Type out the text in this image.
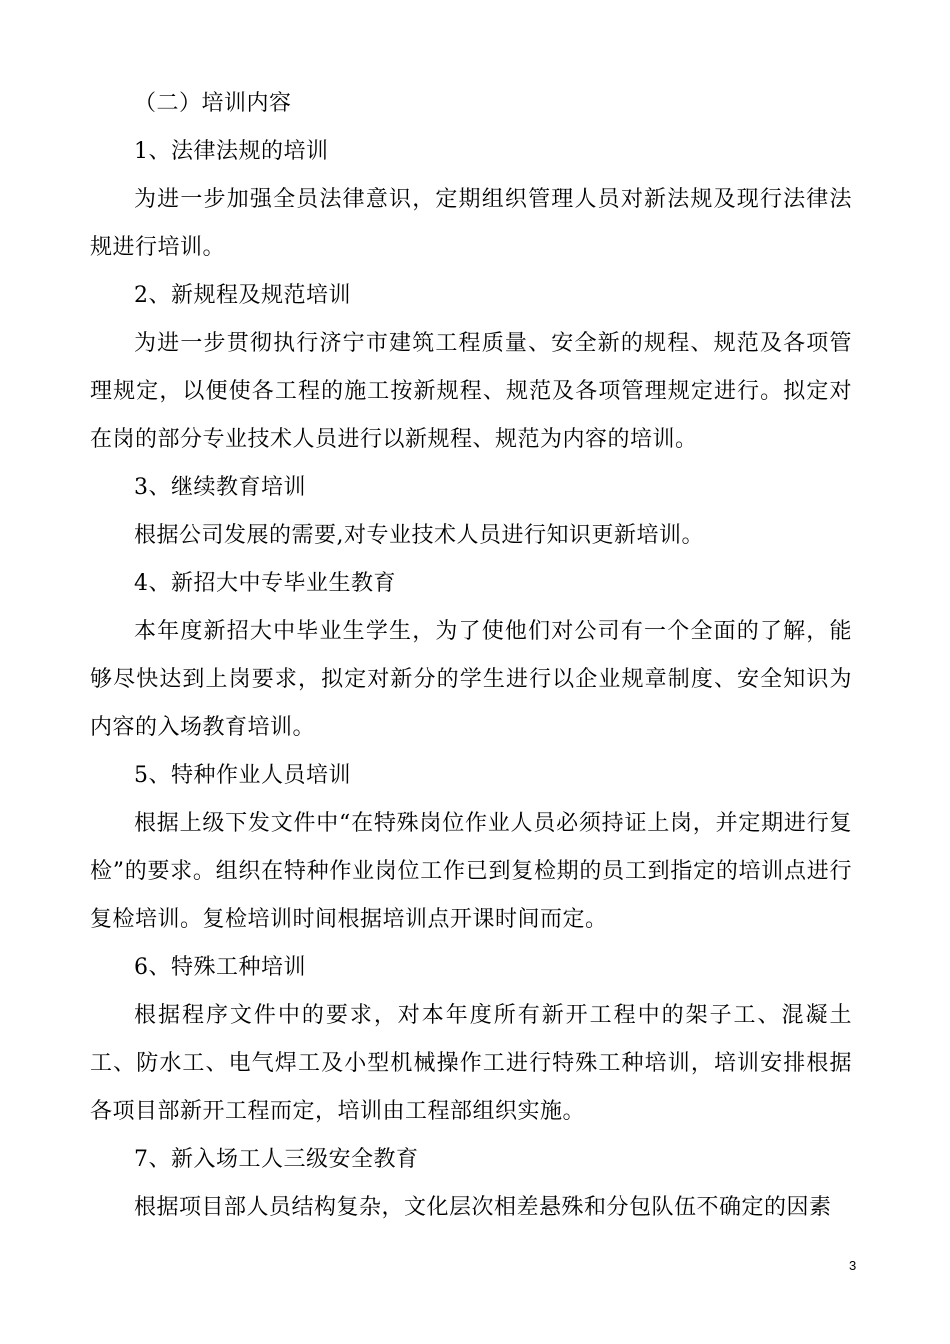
（二）培训内容

1、法律法规的培训

为进一步加强全员法律意识，定期组织管理人员对新法规及现行法律法规进行培训。

2、新规程及规范培训

为进一步贯彻执行济宁市建筑工程质量、安全新的规程、规范及各项管理规定，以便使各工程的施工按新规程、规范及各项管理规定进行。拟定对在岗的部分专业技术人员进行以新规程、规范为内容的培训。

3、继续教育培训

根据公司发展的需要,对专业技术人员进行知识更新培训。

4、新招大中专毕业生教育

本年度新招大中毕业生学生，为了使他们对公司有一个全面的了解，能够尽快达到上岗要求，拟定对新分的学生进行以企业规章制度、安全知识为内容的入场教育培训。

5、特种作业人员培训

根据上级下发文件中“在特殊岗位作业人员必须持证上岗，并定期进行复检”的要求。组织在特种作业岗位工作已到复检期的员工到指定的培训点进行复检培训。复检培训时间根据培训点开课时间而定。

6、特殊工种培训

根据程序文件中的要求，对本年度所有新开工程中的架子工、混凝土工、防水工、电气焊工及小型机械操作工进行特殊工种培训，培训安排根据各项目部新开工程而定，培训由工程部组织实施。

7、新入场工人三级安全教育

根据项目部人员结构复杂，文化层次相差悬殊和分包队伍不确定的因素

3
